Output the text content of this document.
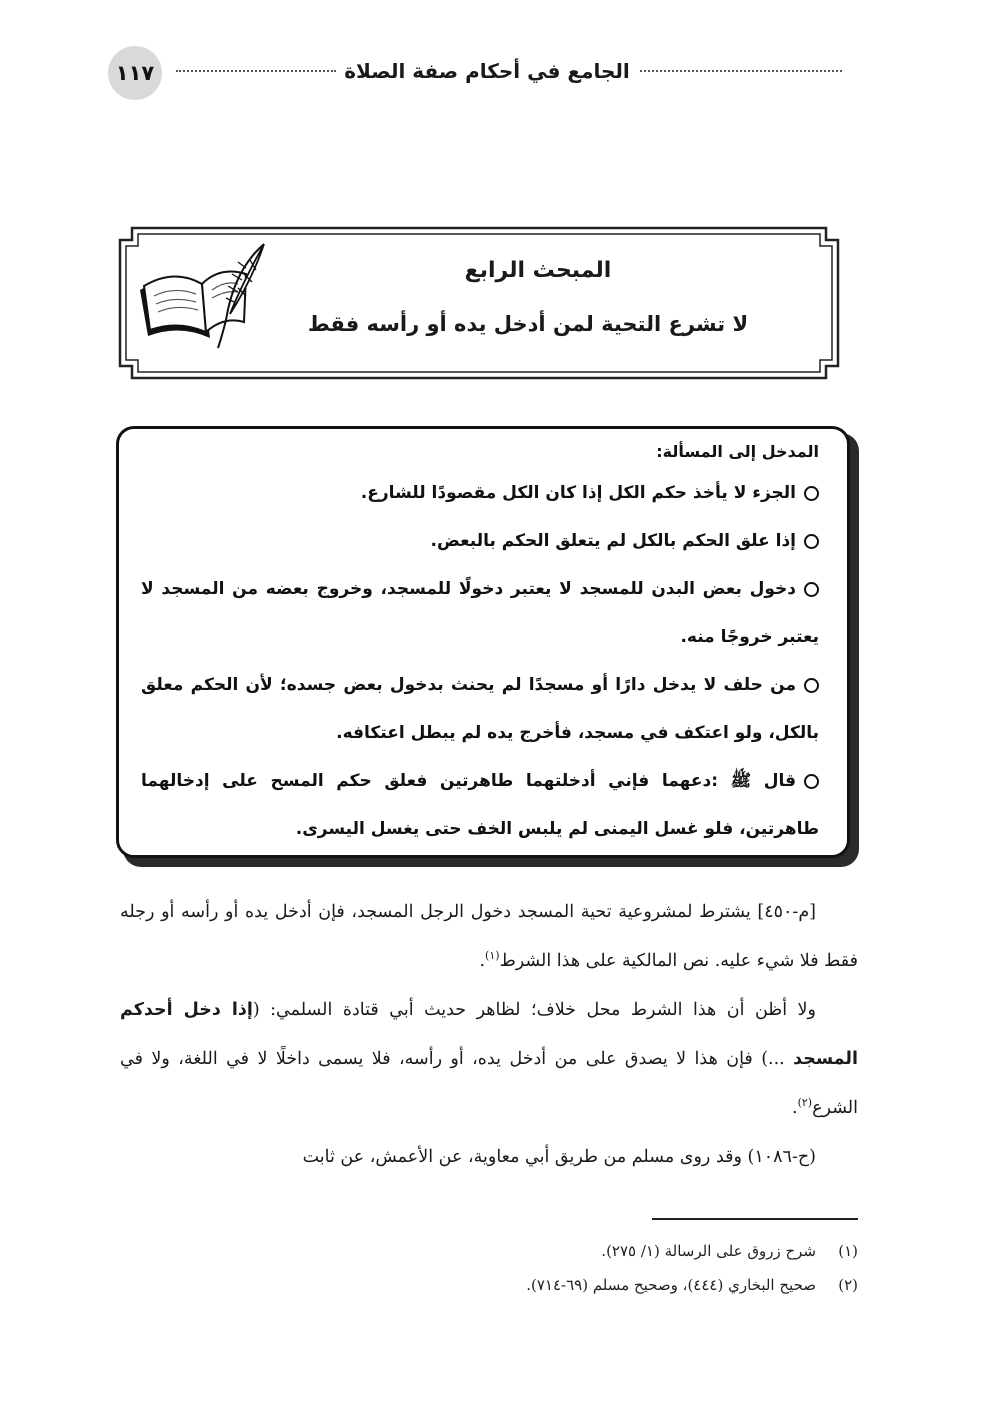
١١٧	الجامع في أحكام صفة الصلاة
المبحث الرابع
لا تشرع التحية لمن أدخل يده أو رأسه فقط
المدخل إلى المسألة:
الجزء لا يأخذ حكم الكل إذا كان الكل مقصودًا للشارع.
إذا علق الحكم بالكل لم يتعلق الحكم بالبعض.
دخول بعض البدن للمسجد لا يعتبر دخولًا للمسجد، وخروج بعضه من المسجد لا يعتبر خروجًا منه.
من حلف لا يدخل دارًا أو مسجدًا لم يحنث بدخول بعض جسده؛ لأن الحكم معلق بالكل، ولو اعتكف في مسجد، فأخرج يده لم يبطل اعتكافه.
قال ﷺ :دعهما فإني أدخلتهما طاهرتين فعلق حكم المسح على إدخالهما طاهرتين، فلو غسل اليمنى لم يلبس الخف حتى يغسل اليسرى.

[م-٤٥٠] يشترط لمشروعية تحية المسجد دخول الرجل المسجد، فإن أدخل يده أو رأسه أو رجله فقط فلا شيء عليه. نص المالكية على هذا الشرط$^{(١)}$.

ولا أظن أن هذا الشرط محل خلاف؛ لظاهر حديث أبي قتادة السلمي: (إذا دخل أحدكم المسجد ...) فإن هذا لا يصدق على من أدخل يده، أو رأسه، فلا يسمى داخلًا لا في اللغة، ولا في الشرع$^{(٢)}$.

(ح-١٠٨٦) وقد روى مسلم من طريق أبي معاوية، عن الأعمش، عن ثابت

(١)شرح زروق على الرسالة (١/ ٢٧٥).
(٢)صحيح البخاري (٤٤٤)، وصحيح مسلم (٦٩-٧١٤).
